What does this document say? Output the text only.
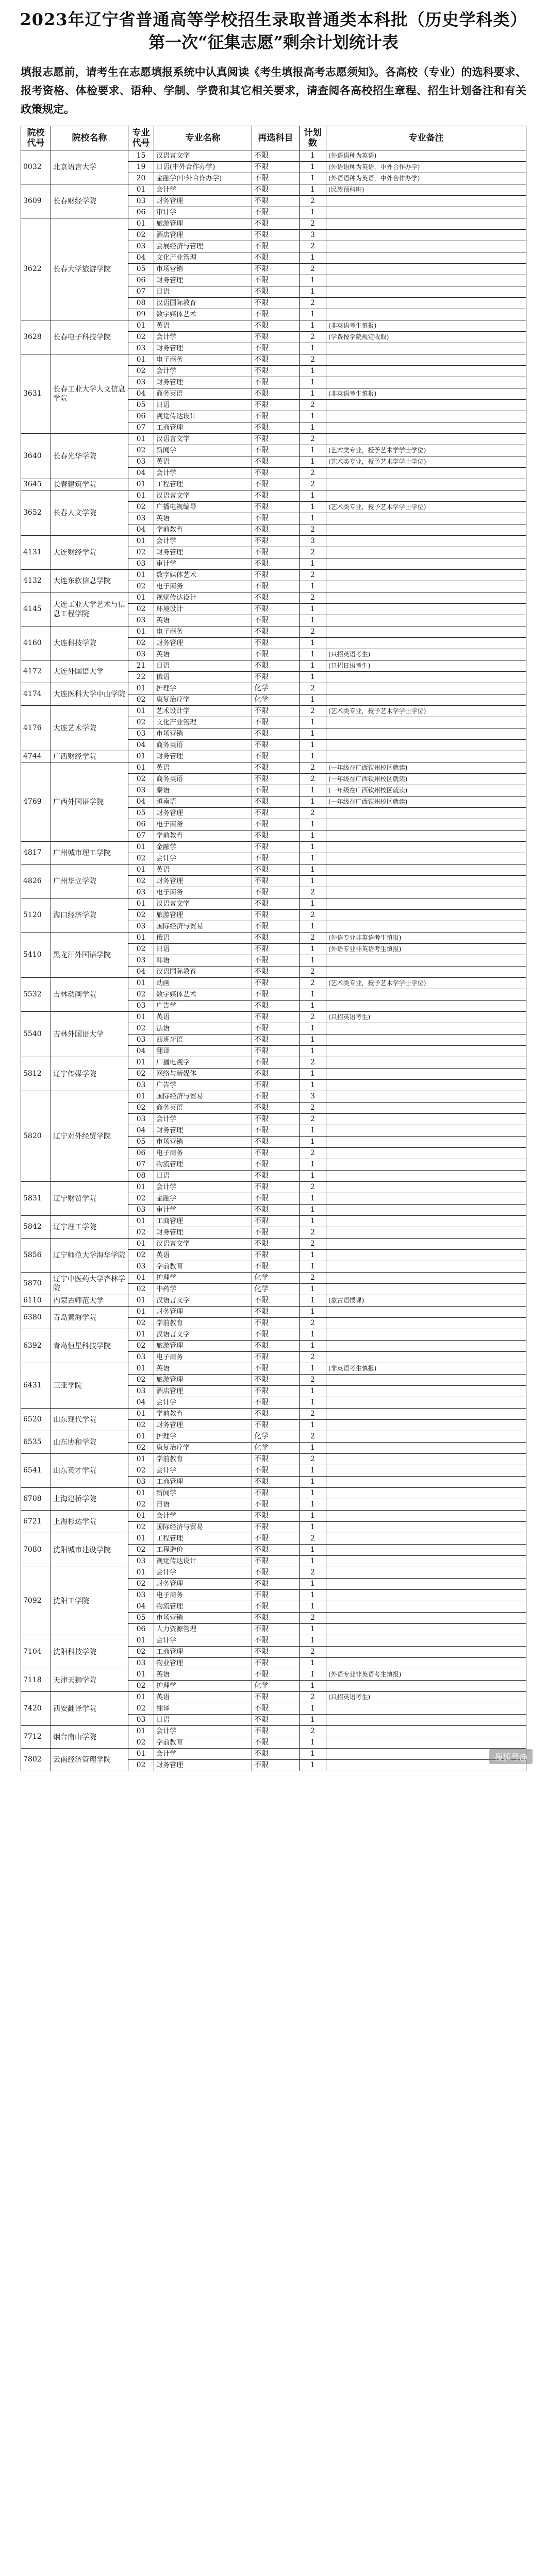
2023年辽宁省普通高等学校招生录取普通类本科批（历史学科类）
第一次“征集志愿”剩余计划统计表
填报志愿前，请考生在志愿填报系统中认真阅读《考生填报高考志愿须知》。各高校（专业）的选科要求、报考资格、体检要求、语种、学制、学费和其它相关要求，请查阅各高校招生章程、招生计划备注和有关政策规定。
院校代号	院校名称	专业代号	专业名称	再选科目	计划数	专业备注
0032	北京语言大学	15	汉语言文学	不限	1	(外语语种为英语)
		19	日语(中外合作办学)	不限	1	(外语语种为英语，中外合作办学)
		20	金融学(中外合作办学)	不限	1	(外语语种为英语，中外合作办学)
3609	长春财经学院	01	会计学	不限	1	(民族预科班)
		03	财务管理	不限	2	
		06	审计学	不限	1	
3622	长春大学旅游学院	01	旅游管理	不限	2	
		02	酒店管理	不限	3	
		03	会展经济与管理	不限	2	
		04	文化产业管理	不限	1	
		05	市场营销	不限	2	
		06	财务管理	不限	1	
		07	日语	不限	1	
		08	汉语国际教育	不限	2	
		09	数字媒体艺术	不限	1	
3628	长春电子科技学院	01	英语	不限	1	(非英语考生慎报)
		02	会计学	不限	2	(学费按学院规定收取)
		03	财务管理	不限	1	
3631	长春工业大学人文信息学院	01	电子商务	不限	2	
		02	会计学	不限	1	
		03	财务管理	不限	1	
		04	商务英语	不限	1	(非英语考生慎报)
		05	日语	不限	2	
		06	视觉传达设计	不限	1	
		07	工商管理	不限	1	
3640	长春光华学院	01	汉语言文学	不限	2	
		02	新闻学	不限	1	(艺术类专业，授予艺术学学士学位)
		03	英语	不限	1	(艺术类专业，授予艺术学学士学位)
		04	会计学	不限	2	
3645	长春建筑学院	01	工程管理	不限	2	
3652	长春人文学院	01	汉语言文学	不限	1	
		02	广播电视编导	不限	1	(艺术类专业，授予艺术学学士学位)
		03	英语	不限	1	
		04	学前教育	不限	2	
4131	大连财经学院	01	会计学	不限	3	
		02	财务管理	不限	2	
		03	审计学	不限	1	
4132	大连东软信息学院	01	数字媒体艺术	不限	2	
		02	电子商务	不限	1	
4145	大连工业大学艺术与信息工程学院	01	视觉传达设计	不限	2	
		02	环境设计	不限	1	
		03	英语	不限	1	
4160	大连科技学院	01	电子商务	不限	2	
		02	财务管理	不限	1	
		03	英语	不限	1	(只招英语考生)
4172	大连外国语大学	21	日语	不限	1	(只招日语考生)
		22	俄语	不限	1	
4174	大连医科大学中山学院	01	护理学	化学	2	
		02	康复治疗学	化学	1	
4176	大连艺术学院	01	艺术设计学	不限	2	(艺术类专业，授予艺术学学士学位)
		02	文化产业管理	不限	1	
		03	市场营销	不限	1	
		04	商务英语	不限	1	
4744	广西财经学院	01	财务管理	不限	1	
4769	广西外国语学院	01	英语	不限	2	(一年级在广西钦州校区就读)
		02	商务英语	不限	2	(一年级在广西钦州校区就读)
		03	泰语	不限	1	(一年级在广西钦州校区就读)
		04	越南语	不限	1	(一年级在广西钦州校区就读)
		05	财务管理	不限	2	
		06	电子商务	不限	1	
		07	学前教育	不限	1	
4817	广州城市理工学院	01	金融学	不限	1	
		02	会计学	不限	1	
4826	广州华立学院	01	英语	不限	1	
		02	财务管理	不限	1	
		03	电子商务	不限	2	
5120	海口经济学院	01	汉语言文学	不限	1	
		02	旅游管理	不限	2	
		03	国际经济与贸易	不限	1	
5410	黑龙江外国语学院	01	俄语	不限	2	(外语专业非英语考生慎报)
		02	日语	不限	1	(外语专业非英语考生慎报)
		03	韩语	不限	1	
		04	汉语国际教育	不限	2	
5532	吉林动画学院	01	动画	不限	2	(艺术类专业，授予艺术学学士学位)
		02	数字媒体艺术	不限	1	
		03	广告学	不限	1	
5540	吉林外国语大学	01	英语	不限	2	(只招英语考生)
		02	法语	不限	1	
		03	西班牙语	不限	1	
		04	翻译	不限	1	
5812	辽宁传媒学院	01	广播电视学	不限	2	
		02	网络与新媒体	不限	1	
		03	广告学	不限	1	
5820	辽宁对外经贸学院	01	国际经济与贸易	不限	3	
		02	商务英语	不限	2	
		03	会计学	不限	2	
		04	财务管理	不限	1	
		05	市场营销	不限	1	
		06	电子商务	不限	2	
		07	物流管理	不限	1	
		08	日语	不限	1	
5831	辽宁财贸学院	01	会计学	不限	2	
		02	金融学	不限	1	
		03	审计学	不限	1	
5842	辽宁理工学院	01	工商管理	不限	1	
		02	财务管理	不限	2	
5856	辽宁师范大学海华学院	01	汉语言文学	不限	2	
		02	英语	不限	1	
		03	学前教育	不限	1	
5870	辽宁中医药大学杏林学院	01	护理学	化学	2	
		02	中药学	化学	1	
6110	内蒙古师范大学	01	汉语言文学	不限	1	(蒙古语授课)
6380	青岛黄海学院	01	财务管理	不限	1	
		02	学前教育	不限	2	
6392	青岛恒星科技学院	01	汉语言文学	不限	1	
		02	旅游管理	不限	1	
		03	电子商务	不限	2	
6431	三亚学院	01	英语	不限	1	(非英语考生慎报)
		02	旅游管理	不限	2	
		03	酒店管理	不限	1	
		04	会计学	不限	1	
6520	山东现代学院	01	学前教育	不限	2	
		02	财务管理	不限	1	
6535	山东协和学院	01	护理学	化学	2	
		02	康复治疗学	化学	1	
6541	山东英才学院	01	学前教育	不限	2	
		02	会计学	不限	1	
		03	工商管理	不限	1	
6708	上海建桥学院	01	新闻学	不限	1	
		02	日语	不限	1	
6721	上海杉达学院	01	会计学	不限	1	
		02	国际经济与贸易	不限	1	
7080	沈阳城市建设学院	01	工程管理	不限	2	
		02	工程造价	不限	1	
		03	视觉传达设计	不限	1	
7092	沈阳工学院	01	会计学	不限	2	
		02	财务管理	不限	1	
		03	电子商务	不限	1	
		04	物流管理	不限	1	
		05	市场营销	不限	2	
		06	人力资源管理	不限	1	
7104	沈阳科技学院	01	会计学	不限	1	
		02	工商管理	不限	2	
		03	物业管理	不限	1	
7118	天津天狮学院	01	英语	不限	1	(外语专业非英语考生慎报)
		02	护理学	化学	1	
7420	西安翻译学院	01	英语	不限	2	(只招英语考生)
		02	翻译	不限	1	
		03	日语	不限	1	
7712	烟台南山学院	01	会计学	不限	2	
		02	学前教育	不限	1	
7802	云南经济管理学院	01	会计学	不限	1	
		02	财务管理	不限	1	
搜狐号@
